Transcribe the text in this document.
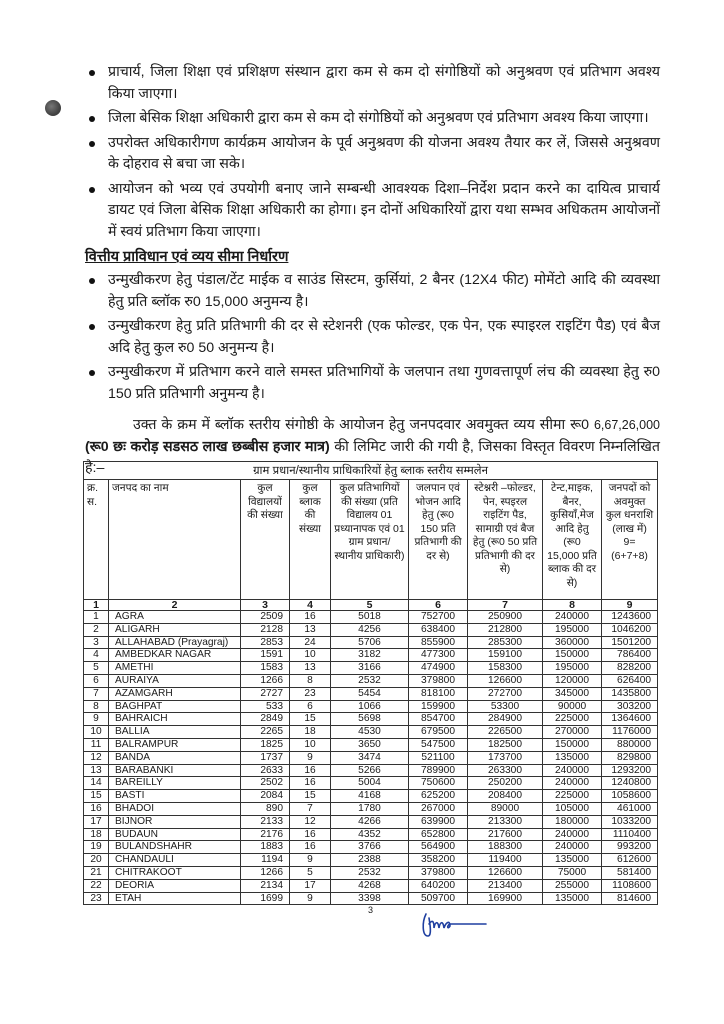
प्राचार्य, जिला शिक्षा एवं प्रशिक्षण संस्थान द्वारा कम से कम दो संगोष्ठियों को अनुश्रवण एवं प्रतिभाग अवश्य किया जाएगा।
जिला बेसिक शिक्षा अधिकारी द्वारा कम से कम दो संगोष्ठियों को अनुश्रवण एवं प्रतिभाग अवश्य किया जाएगा।
उपरोक्त अधिकारीगण कार्यक्रम आयोजन के पूर्व अनुश्रवण की योजना अवश्य तैयार कर लें, जिससे अनुश्रवण के दोहराव से बचा जा सके।
आयोजन को भव्य एवं उपयोगी बनाए जाने सम्बन्धी आवश्यक दिशा–निर्देश प्रदान करने का दायित्व प्राचार्य डायट एवं जिला बेसिक शिक्षा अधिकारी का होगा। इन दोनों अधिकारियों द्वारा यथा सम्भव अधिकतम आयोजनों में स्वयं प्रतिभाग किया जाएगा।
वित्तीय प्राविधान एवं व्यय सीमा निर्धारण
उन्मुखीकरण हेतु पंडाल/टेंट माईक व साउंड सिस्टम, कुर्सियां, 2 बैनर (12X4 फीट) मोमेंटो आदि की व्यवस्था हेतु प्रति ब्लॉक रु0 15,000 अनुमन्य है।
उन्मुखीकरण हेतु प्रति प्रतिभागी की दर से स्टेशनरी (एक फोल्डर, एक पेन, एक स्पाइरल राइटिंग पैड) एवं बैज अदि हेतु कुल रु0 50 अनुमन्य है।
उन्मुखीकरण में प्रतिभाग करने वाले समस्त प्रतिभागियों के जलपान तथा गुणवत्तापूर्ण लंच की व्यवस्था हेतु रु0 150 प्रति प्रतिभागी अनुमन्य है।

उक्त के क्रम में ब्लॉक स्तरीय संगोष्ठी के आयोजन हेतु जनपदवार अवमुक्त व्यय सीमा रू0 6,67,26,000 (रू0 छः करोड़ सडसठ लाख छब्बीस हजार मात्र) की लिमिट जारी की गयी है, जिसका विस्तृत विवरण निम्नलिखित है:–	ग्राम प्रधान/स्थानीय प्राधिकारियों हेतु ब्लाक स्तरीय सम्मलेन								
क्र. स.	जनपद का नाम	कुल विद्यालयों की संख्या	कुल ब्लाक की संख्या	कुल प्रतिभागियों की संख्या (प्रति विद्यालय 01 प्रध्यानापक एवं 01 ग्राम प्रधान/ स्थानीय प्राधिकारी)	जलपान एवं भोजन आदि हेतु (रू0 150 प्रति प्रतिभागी की दर से)	स्टेश्नरी –फोल्डर, पेन, स्पइरल राइटिंग पैड, सामाग्री एवं बैज हेतु (रू0 50 प्रति प्रतिभागी की दर से)	टेन्ट,माइक, बैनर, कुसियाँ,मेज आदि हेतु (रू0 15,000 प्रति ब्लाक की दर से)	जनपदों को अवमुक्त कुल धनराशि (लाख में) 9= (6+7+8)
1	2	3	4	5	6	7	8	9
1	AGRA	2509	16	5018	752700	250900	240000	1243600
2	ALIGARH	2128	13	4256	638400	212800	195000	1046200
3	ALLAHABAD (Prayagraj)	2853	24	5706	855900	285300	360000	1501200
4	AMBEDKAR NAGAR	1591	10	3182	477300	159100	150000	786400
5	AMETHI	1583	13	3166	474900	158300	195000	828200
6	AURAIYA	1266	8	2532	379800	126600	120000	626400
7	AZAMGARH	2727	23	5454	818100	272700	345000	1435800
8	BAGHPAT	533	6	1066	159900	53300	90000	303200
9	BAHRAICH	2849	15	5698	854700	284900	225000	1364600
10	BALLIA	2265	18	4530	679500	226500	270000	1176000
11	BALRAMPUR	1825	10	3650	547500	182500	150000	880000
12	BANDA	1737	9	3474	521100	173700	135000	829800
13	BARABANKI	2633	16	5266	789900	263300	240000	1293200
14	BAREILLY	2502	16	5004	750600	250200	240000	1240800
15	BASTI	2084	15	4168	625200	208400	225000	1058600
16	BHADOI	890	7	1780	267000	89000	105000	461000
17	BIJNOR	2133	12	4266	639900	213300	180000	1033200
18	BUDAUN	2176	16	4352	652800	217600	240000	1110400
19	BULANDSHAHR	1883	16	3766	564900	188300	240000	993200
20	CHANDAULI	1194	9	2388	358200	119400	135000	612600
21	CHITRAKOOT	1266	5	2532	379800	126600	75000	581400
22	DEORIA	2134	17	4268	640200	213400	255000	1108600
23	ETAH	1699	9	3398	509700	169900	135000	814600
3
